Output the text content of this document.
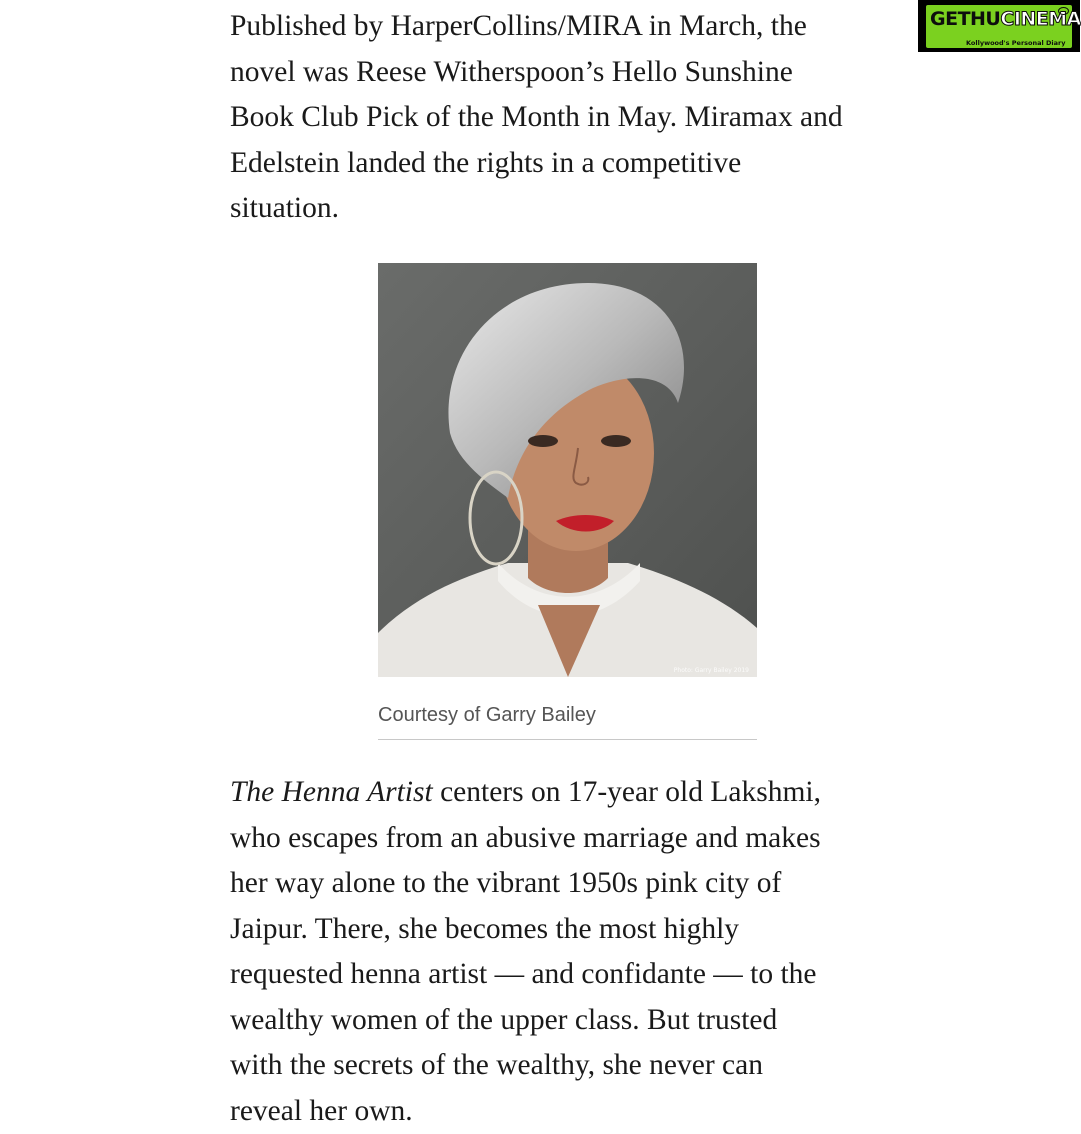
GETHUCINEMA
Kollywood's Personal Diary

Published by HarperCollins/MIRA in March, the
novel was Reese Witherspoon’s Hello Sunshine
Book Club Pick of the Month in May. Miramax and
Edelstein landed the rights in a competitive
situation.

Photo: Garry Bailey 2019
Courtesy of Garry Bailey

The Henna Artist centers on 17-year old Lakshmi,
who escapes from an abusive marriage and makes
her way alone to the vibrant 1950s pink city of
Jaipur. There, she becomes the most highly
requested henna artist — and confidante — to the
wealthy women of the upper class. But trusted
with the secrets of the wealthy, she never can
reveal her own.
